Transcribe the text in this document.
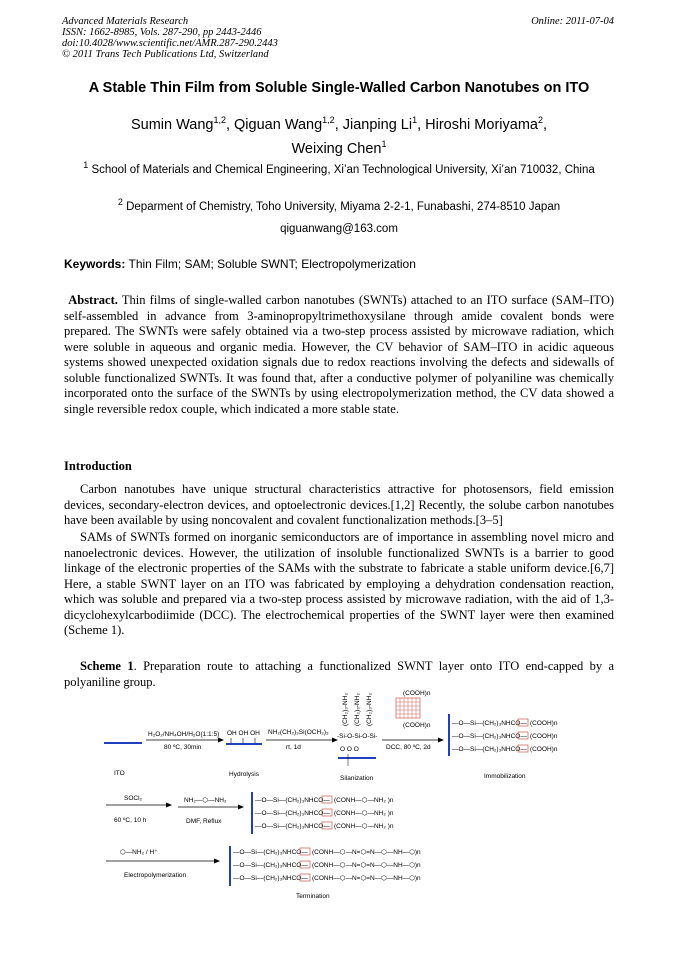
Advanced Materials Research
ISSN: 1662-8985, Vols. 287-290, pp 2443-2446
doi:10.4028/www.scientific.net/AMR.287-290.2443
© 2011 Trans Tech Publications Ltd, Switzerland
Online: 2011-07-04
A Stable Thin Film from Soluble Single-Walled Carbon Nanotubes on ITO
Sumin Wang$^{1,2}$, Qiguan Wang$^{1,2}$, Jianping Li$^1$, Hiroshi Moriyama$^2$,
Weixing Chen$^1$
$^1$ School of Materials and Chemical Engineering, Xi’an Technological University, Xi’an 710032, China
$^2$ Deparment of Chemistry, Toho University, Miyama 2-2-1, Funabashi, 274-8510 Japan
qiguanwang@163.com
Keywords: Thin Film; SAM; Soluble SWNT; Electropolymerization
Abstract. Thin films of single-walled carbon nanotubes (SWNTs) attached to an ITO surface (SAM–ITO) self-assembled in advance from 3-aminopropyltrimethoxysilane through amide covalent bonds were prepared. The SWNTs were safely obtained via a two-step process assisted by microwave radiation, which were soluble in aqueous and organic media. However, the CV behavior of SAM–ITO in acidic aqueous systems showed unexpected oxidation signals due to redox reactions involving the defects and sidewalls of soluble functionalized SWNTs. It was found that, after a conductive polymer of polyaniline was chemically incorporated onto the surface of the SWNTs by using electropolymerization method, the CV data showed a single reversible redox couple, which indicated a more stable state.
Introduction
Carbon nanotubes have unique structural characteristics attractive for photosensors, field emission devices, secondary-electron devices, and optoelectronic devices.[1,2] Recently, the solube carbon nanotubes have been available by using noncovalent and covalent functionalization methods.[3–5]
SAMs of SWNTs formed on inorganic semiconductors are of importance in assembling novel micro and nanoelectronic devices. However, the utilization of insoluble functionalized SWNTs is a barrier to good linkage of the electronic properties of the SAMs with the substrate to fabricate a stable uniform device.[6,7] Here, a stable SWNT layer on an ITO was fabricated by employing a dehydration condensation reaction, which was soluble and prepared via a two-step process assisted by microwave radiation, with the aid of 1,3-dicyclohexylcarbodiimide (DCC). The electrochemical properties of the SWNT layer were then examined (Scheme 1).
Scheme 1. Preparation route to attaching a functionalized SWNT layer onto ITO end-capped by a polyaniline group.
H₂O₂/NH₄OH/H₂O(1:1:5)
80 ºC, 30min
ITO
OH OH OH
Hydrolysis
NH₂(CH₂)₃Si(OCH₃)₃
rt, 1d
(CH₂)₃-NH₂ (CH₂)₃-NH₂ (CH₂)₃-NH₂
-Si-O-Si-O-Si-
O O O
Silanization
(COOH)n
(COOH)n
DCC, 80 ºC, 2d
—O—Si—(CH₂)₃NHCO—
—O—Si—(CH₂)₃NHCO—
—O—Si—(CH₂)₃NHCO—
(COOH)n
(COOH)n
(COOH)n
Immobilization
SOCl₂
60 ºC, 10 h
NH₂—⬡—NH₂
DMF, Reflux
—O—Si—(CH₂)₃NHCO—
—O—Si—(CH₂)₃NHCO—
—O—Si—(CH₂)₃NHCO—
(CONH—⬡—NH₂ )n
(CONH—⬡—NH₂ )n
(CONH—⬡—NH₂ )n
⬡—NH₂ / H⁺
Electropolymerization
—O—Si—(CH₂)₃NHCO—
—O—Si—(CH₂)₃NHCO—
—O—Si—(CH₂)₃NHCO—
(CONH—⬡—N=⬡=N—⬡—NH—⬡)n
(CONH—⬡—N=⬡=N—⬡—NH—⬡)n
(CONH—⬡—N=⬡=N—⬡—NH—⬡)n
Termination
